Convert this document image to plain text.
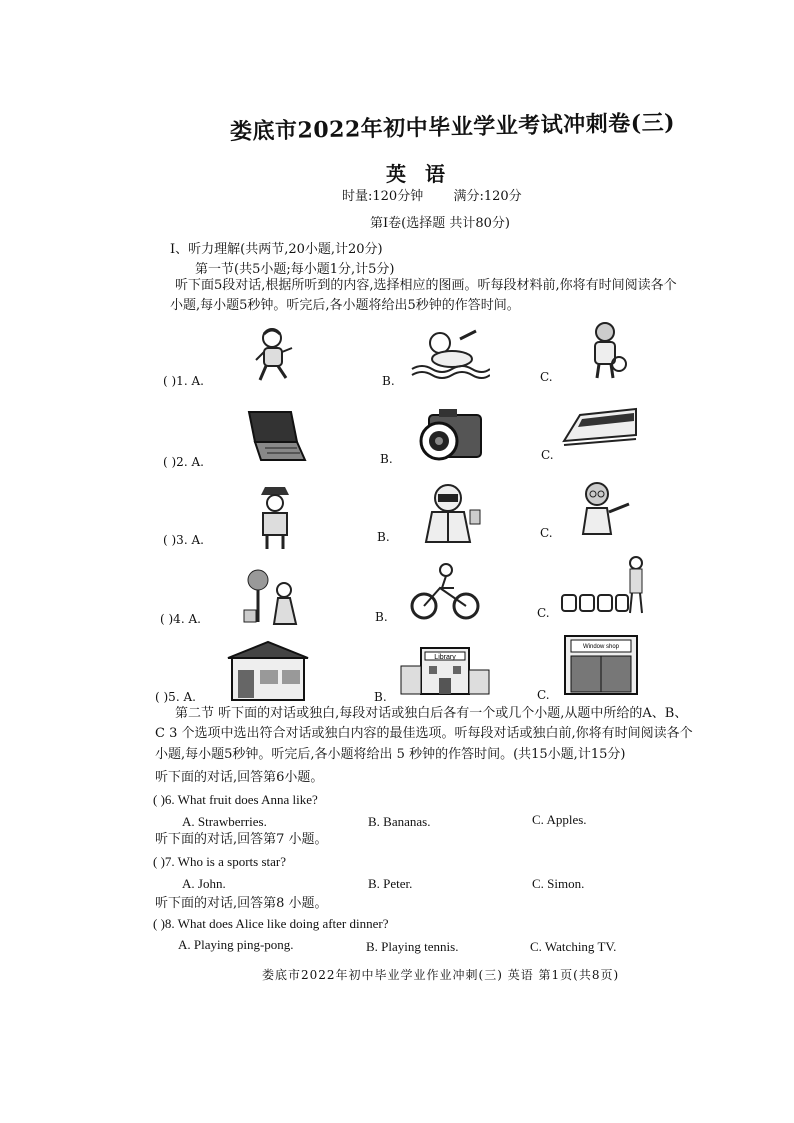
娄底市2022年初中毕业学业考试冲刺卷(三)
英 语
时量:120分钟 满分:120分
第Ⅰ卷(选择题 共计80分)
Ⅰ、听力理解(共两节,20小题,计20分)
第一节(共5小题;每小题1分,计5分)
听下面5段对话,根据所听到的内容,选择相应的图画。听每段材料前,你将有时间阅读各个
小题,每小题5秒钟。听完后,各小题将给出5秒钟的作答时间。
( )1. A.	B.	C.
( )2. A.	B.	C.
( )3. A.	B.	C.
( )4. A.	B.	C.
( )5. A.	B.	C.
Library
Window shop
第二节 听下面的对话或独白,每段对话或独白后各有一个或几个小题,从题中所给的A、B、
C 3 个选项中选出符合对话或独白内容的最佳选项。听每段对话或独白前,你将有时间阅读各个
小题,每小题5秒钟。听完后,各小题将给出 5 秒钟的作答时间。(共15小题,计15分)
听下面的对话,回答第6小题。
( )6. What fruit does Anna like?
A. Strawberries.	B. Bananas.	C. Apples.
听下面的对话,回答第7 小题。
( )7. Who is a sports star?
A. John.	B. Peter.	C. Simon.
听下面的对话,回答第8 小题。
( )8. What does Alice like doing after dinner?
A. Playing ping-pong.	B. Playing tennis.	C. Watching TV.
娄底市2022年初中毕业学业作业冲刺(三) 英语 第1页(共8页)
